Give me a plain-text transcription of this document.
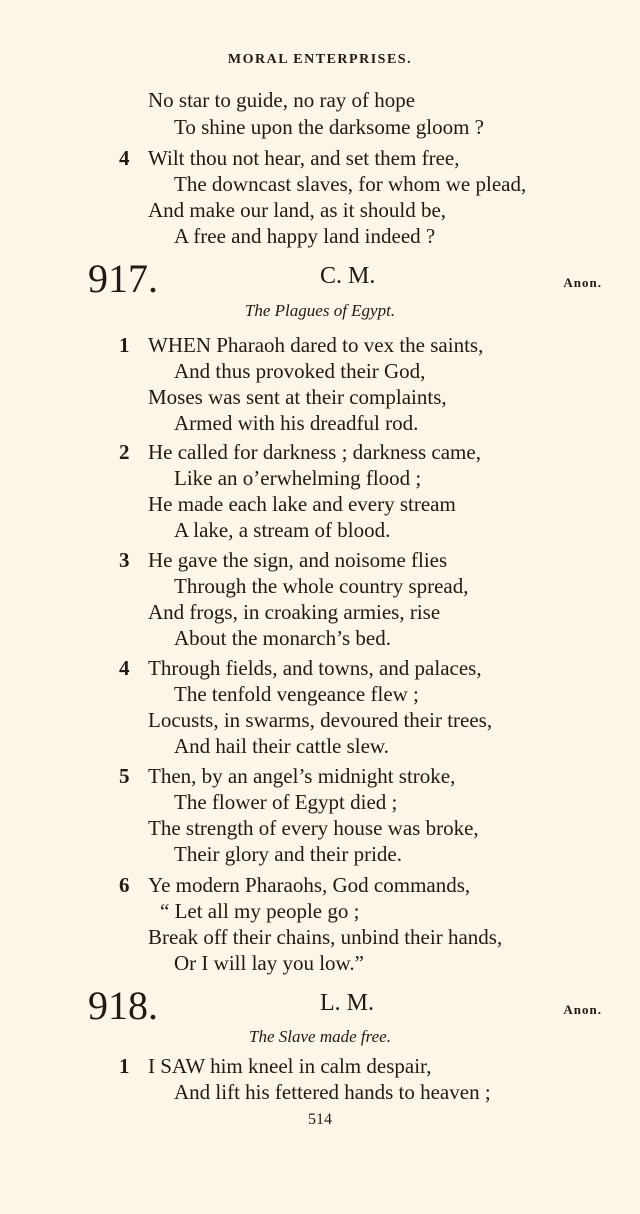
MORAL ENTERPRISES.
No star to guide, no ray of hope
To shine upon the darksome gloom ?
4 Wilt thou not hear, and set them free,
The downcast slaves, for whom we plead,
And make our land, as it should be,
A free and happy land indeed ?
917.	C. M.	Anon.
The Plagues of Egypt.
1 WHEN Pharaoh dared to vex the saints,
And thus provoked their God,
Moses was sent at their complaints,
Armed with his dreadful rod.
2 He called for darkness ; darkness came,
Like an o’erwhelming flood ;
He made each lake and every stream
A lake, a stream of blood.
3 He gave the sign, and noisome flies
Through the whole country spread,
And frogs, in croaking armies, rise
About the monarch’s bed.
4 Through fields, and towns, and palaces,
The tenfold vengeance flew ;
Locusts, in swarms, devoured their trees,
And hail their cattle slew.
5 Then, by an angel’s midnight stroke,
The flower of Egypt died ;
The strength of every house was broke,
Their glory and their pride.
6 Ye modern Pharaohs, God commands,
“ Let all my people go ;
Break off their chains, unbind their hands,
Or I will lay you low.”
918.	L. M.	Anon.
The Slave made free.
1 I SAW him kneel in calm despair,
And lift his fettered hands to heaven ;
514
